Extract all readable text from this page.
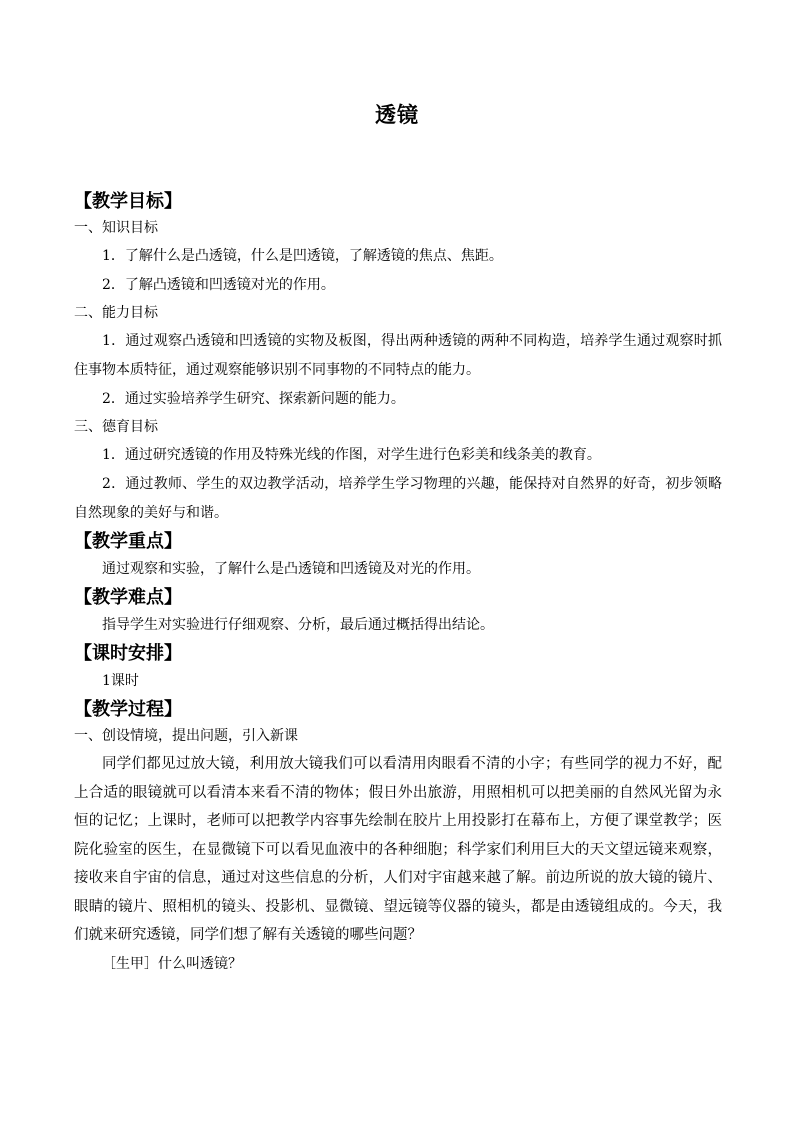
透镜
【教学目标】
一、知识目标
1．了解什么是凸透镜，什么是凹透镜，了解透镜的焦点、焦距。
2．了解凸透镜和凹透镜对光的作用。
二、能力目标
1．通过观察凸透镜和凹透镜的实物及板图，得出两种透镜的两种不同构造，培养学生通过观察时抓住事物本质特征，通过观察能够识别不同事物的不同特点的能力。
2．通过实验培养学生研究、探索新问题的能力。
三、德育目标
1．通过研究透镜的作用及特殊光线的作图，对学生进行色彩美和线条美的教育。
2．通过教师、学生的双边教学活动，培养学生学习物理的兴趣，能保持对自然界的好奇，初步领略自然现象的美好与和谐。
【教学重点】
通过观察和实验，了解什么是凸透镜和凹透镜及对光的作用。
【教学难点】
指导学生对实验进行仔细观察、分析，最后通过概括得出结论。
【课时安排】
1课时
【教学过程】
一、创设情境，提出问题，引入新课
同学们都见过放大镜，利用放大镜我们可以看清用肉眼看不清的小字；有些同学的视力不好，配上合适的眼镜就可以看清本来看不清的物体；假日外出旅游，用照相机可以把美丽的自然风光留为永恒的记忆；上课时，老师可以把教学内容事先绘制在胶片上用投影打在幕布上，方便了课堂教学；医院化验室的医生，在显微镜下可以看见血液中的各种细胞；科学家们利用巨大的天文望远镜来观察，接收来自宇宙的信息，通过对这些信息的分析，人们对宇宙越来越了解。前边所说的放大镜的镜片、眼睛的镜片、照相机的镜头、投影机、显微镜、望远镜等仪器的镜头，都是由透镜组成的。今天，我们就来研究透镜，同学们想了解有关透镜的哪些问题？
［生甲］什么叫透镜？
